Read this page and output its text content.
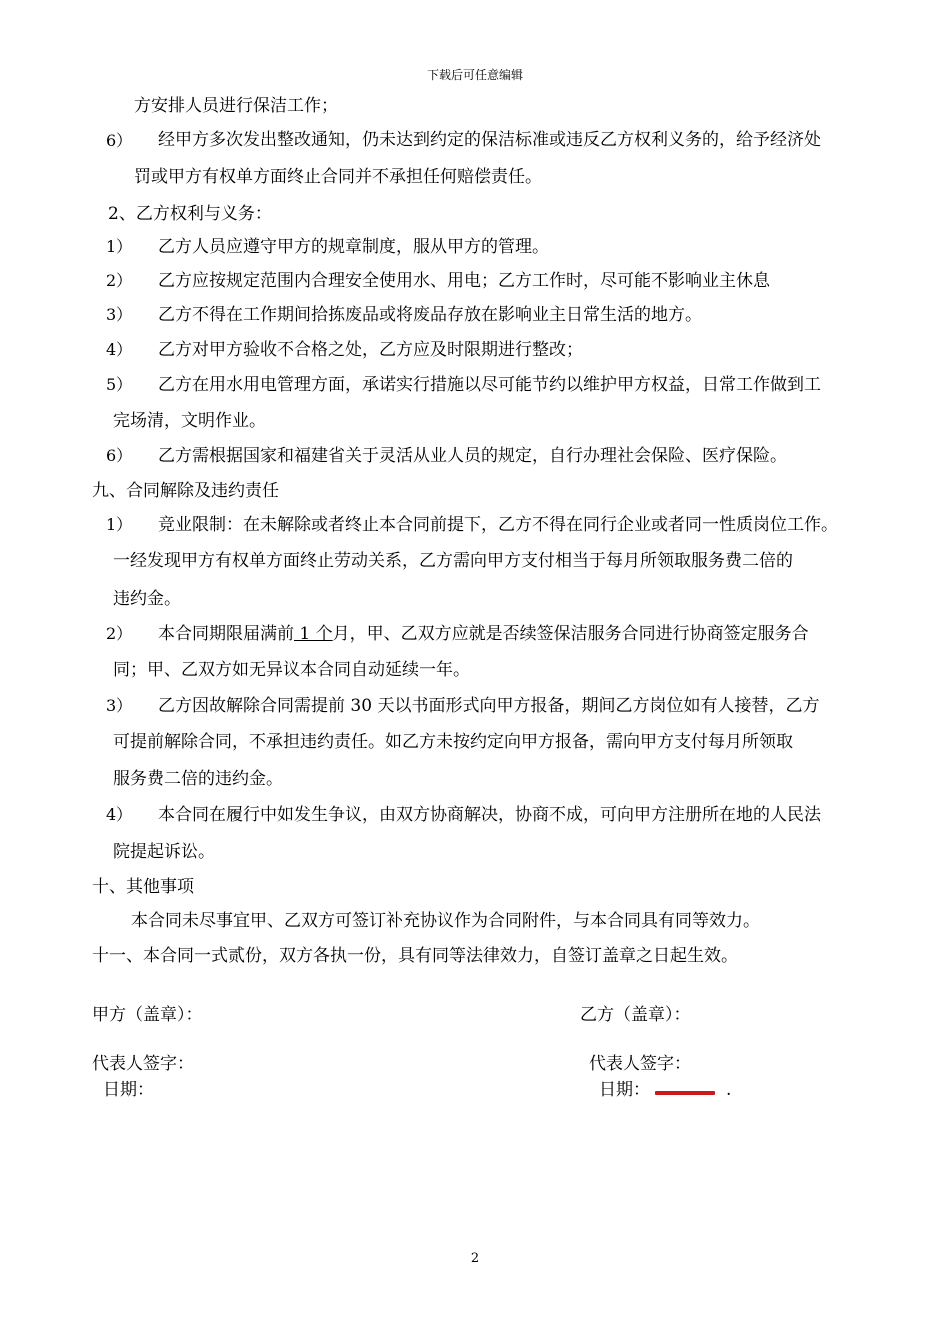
下载后可任意编辑
方安排人员进行保洁工作；
6） 经甲方多次发出整改通知，仍未达到约定的保洁标准或违反乙方权利义务的，给予经济处
罚或甲方有权单方面终止合同并不承担任何赔偿责任。
2、乙方权利与义务：
1） 乙方人员应遵守甲方的规章制度，服从甲方的管理。
2） 乙方应按规定范围内合理安全使用水、用电；乙方工作时，尽可能不影响业主休息
3） 乙方不得在工作期间拾拣废品或将废品存放在影响业主日常生活的地方。
4） 乙方对甲方验收不合格之处，乙方应及时限期进行整改；
5） 乙方在用水用电管理方面，承诺实行措施以尽可能节约以维护甲方权益，日常工作做到工
完场清，文明作业。
6） 乙方需根据国家和福建省关于灵活从业人员的规定，自行办理社会保险、医疗保险。
九、合同解除及违约责任
1） 竞业限制：在未解除或者终止本合同前提下，乙方不得在同行企业或者同一性质岗位工作。
一经发现甲方有权单方面终止劳动关系，乙方需向甲方支付相当于每月所领取服务费二倍的
违约金。
2） 本合同期限届满前 1 个月，甲、乙双方应就是否续签保洁服务合同进行协商签定服务合
同；甲、乙双方如无异议本合同自动延续一年。
3） 乙方因故解除合同需提前 30 天以书面形式向甲方报备，期间乙方岗位如有人接替，乙方
可提前解除合同，不承担违约责任。如乙方未按约定向甲方报备，需向甲方支付每月所领取
服务费二倍的违约金。
4） 本合同在履行中如发生争议，由双方协商解决，协商不成，可向甲方注册所在地的人民法
院提起诉讼。
十、其他事项
本合同未尽事宜甲、乙双方可签订补充协议作为合同附件，与本合同具有同等效力。
十一、本合同一式贰份，双方各执一份，具有同等法律效力，自签订盖章之日起生效。
甲方（盖章）：	乙方（盖章）：
代表人签字：	代表人签字：
日期：	日期：	.
2
